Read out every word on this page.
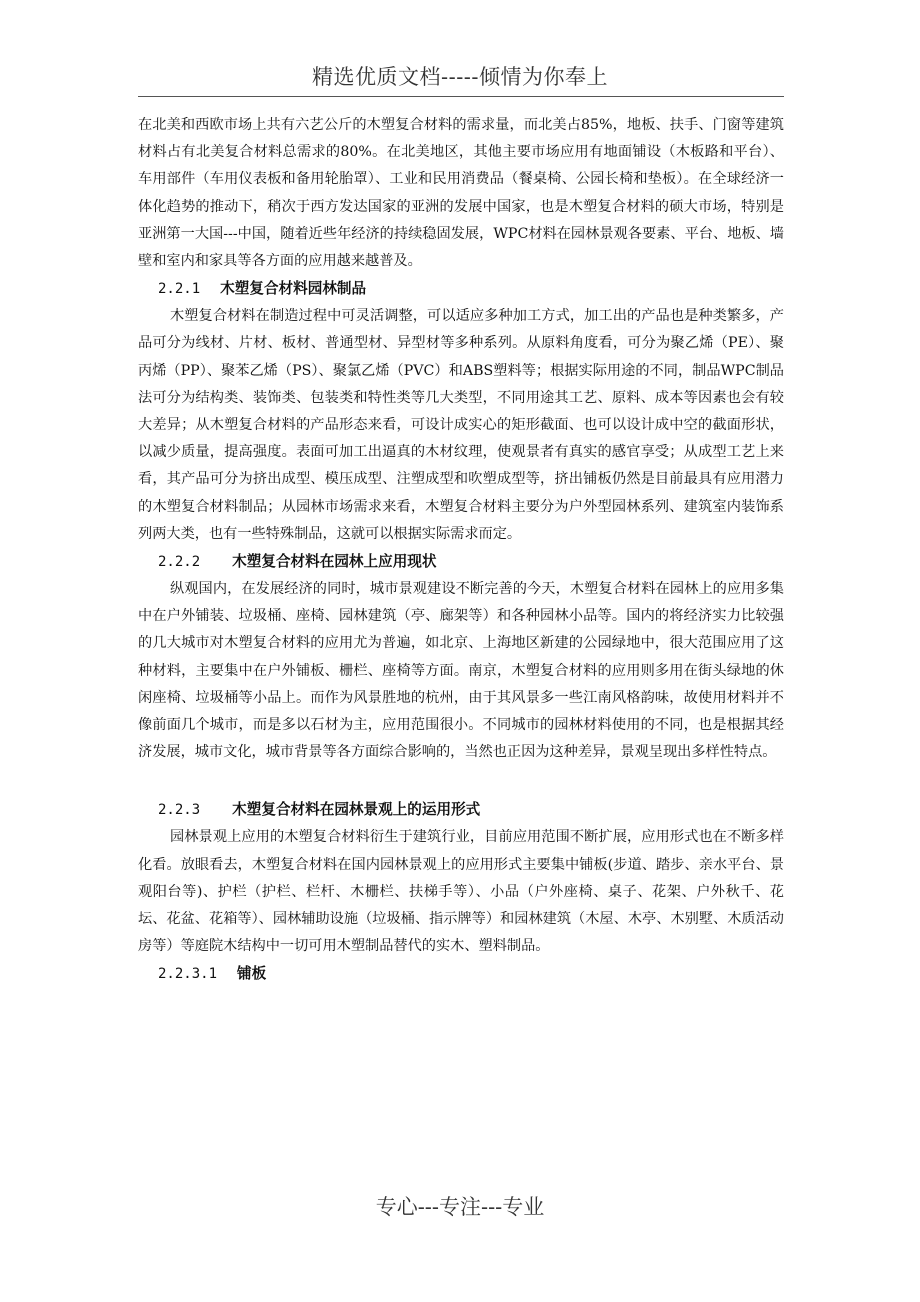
精选优质文档-----倾情为你奉上

在北美和西欧市场上共有六艺公斤的木塑复合材料的需求量，而北美占85%，地板、扶手、门窗等建筑材料占有北美复合材料总需求的80%。在北美地区，其他主要市场应用有地面铺设（木板路和平台）、车用部件（车用仪表板和备用轮胎罩）、工业和民用消费品（餐桌椅、公园长椅和垫板）。在全球经济一体化趋势的推动下，稍次于西方发达国家的亚洲的发展中国家，也是木塑复合材料的硕大市场，特别是亚洲第一大国---中国，随着近些年经济的持续稳固发展，WPC材料在园林景观各要素、平台、地板、墙壁和室内和家具等各方面的应用越来越普及。

2.2.1 木塑复合材料园林制品

木塑复合材料在制造过程中可灵活调整，可以适应多种加工方式，加工出的产品也是种类繁多，产品可分为线材、片材、板材、普通型材、异型材等多种系列。从原料角度看，可分为聚乙烯（PE）、聚丙烯（PP）、聚苯乙烯（PS）、聚氯乙烯（PVC）和ABS塑料等；根据实际用途的不同，制品WPC制品法可分为结构类、装饰类、包装类和特性类等几大类型，不同用途其工艺、原料、成本等因素也会有较大差异；从木塑复合材料的产品形态来看，可设计成实心的矩形截面、也可以设计成中空的截面形状，以减少质量，提高强度。表面可加工出逼真的木材纹理，使观景者有真实的感官享受；从成型工艺上来看，其产品可分为挤出成型、模压成型、注塑成型和吹塑成型等，挤出铺板仍然是目前最具有应用潜力的木塑复合材料制品；从园林市场需求来看，木塑复合材料主要分为户外型园林系列、建筑室内装饰系列两大类，也有一些特殊制品，这就可以根据实际需求而定。

2.2.2 木塑复合材料在园林上应用现状

纵观国内，在发展经济的同时，城市景观建设不断完善的今天，木塑复合材料在园林上的应用多集中在户外铺装、垃圾桶、座椅、园林建筑（亭、廊架等）和各种园林小品等。国内的将经济实力比较强的几大城市对木塑复合材料的应用尤为普遍，如北京、上海地区新建的公园绿地中，很大范围应用了这种材料，主要集中在户外铺板、栅栏、座椅等方面。南京，木塑复合材料的应用则多用在街头绿地的休闲座椅、垃圾桶等小品上。而作为风景胜地的杭州，由于其风景多一些江南风格韵味，故使用材料并不像前面几个城市，而是多以石材为主，应用范围很小。不同城市的园林材料使用的不同，也是根据其经济发展，城市文化，城市背景等各方面综合影响的，当然也正因为这种差异，景观呈现出多样性特点。

2.2.3 木塑复合材料在园林景观上的运用形式

园林景观上应用的木塑复合材料衍生于建筑行业，目前应用范围不断扩展，应用形式也在不断多样化看。放眼看去，木塑复合材料在国内园林景观上的应用形式主要集中铺板(步道、踏步、亲水平台、景观阳台等)、护栏（护栏、栏杆、木栅栏、扶梯手等）、小品（户外座椅、桌子、花架、户外秋千、花坛、花盆、花箱等）、园林辅助设施（垃圾桶、指示牌等）和园林建筑（木屋、木亭、木别墅、木质活动房等）等庭院木结构中一切可用木塑制品替代的实木、塑料制品。

2.2.3.1 铺板
专心---专注---专业
